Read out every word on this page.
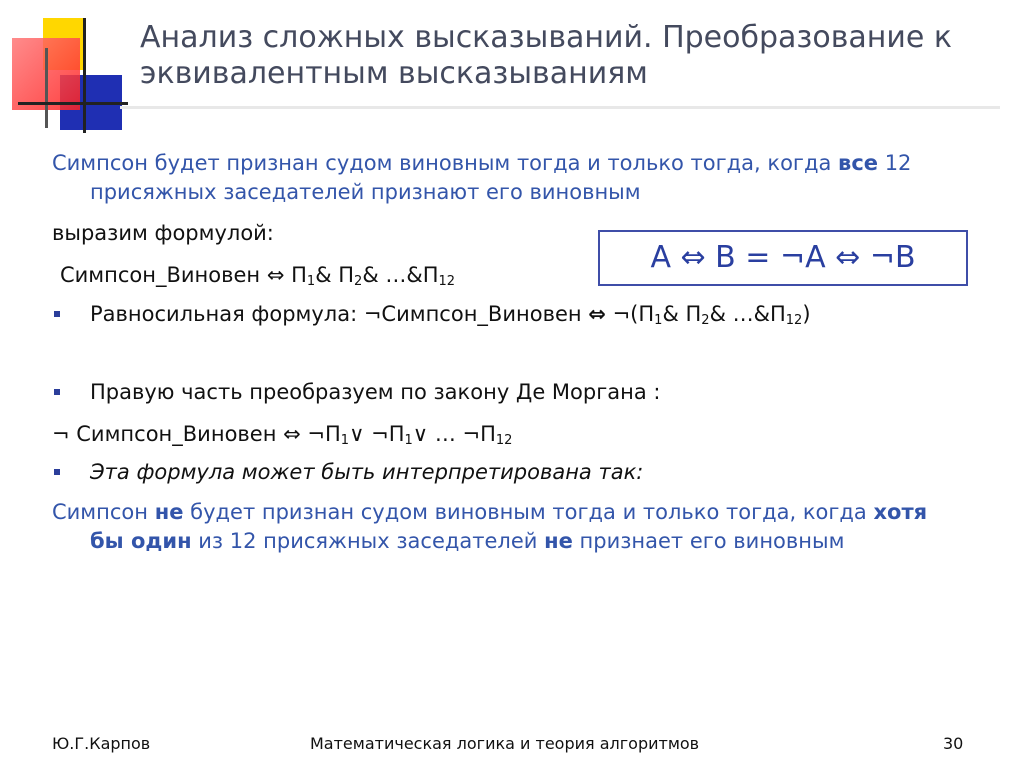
Анализ сложных высказываний. Преобразование к эквивалентным высказываниям
Симпсон будет признан судом виновным тогда и только тогда, когда все 12
присяжных заседателей признают его виновным
выразим формулой:
Симпсон_Виновен ⇔ $П_1\&$ $П_2\&$ $\dots\&П_{12}$
A ⇔ B = ¬A ⇔ ¬B
Равносильная формула: ¬Симпсон_Виновен ⇔ $\neg(П_1\&$ $П_2\&$ $\dots\&П_{12}$)
Правую часть преобразуем по закону Де Моргана :
¬ Симпсон_Виновен ⇔ $\neg П_1\vee$ $\neg П_1\vee$ … $\neg П_{12}$
Эта формула может быть интерпретирована так:
Симпсон не будет признан судом виновным тогда и только тогда, когда хотя
бы один из 12 присяжных заседателей не признает его виновным
Ю.Г.Карпов	Математическая логика и теория алгоритмов	30
